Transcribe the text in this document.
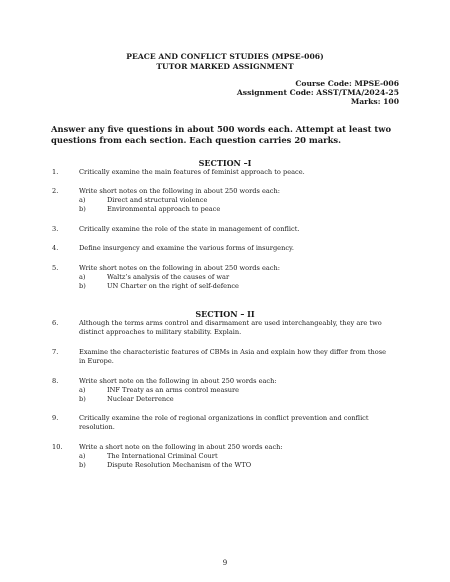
PEACE AND CONFLICT STUDIES (MPSE-006)
TUTOR MARKED ASSIGNMENT
Course Code: MPSE-006
Assignment Code: ASST/TMA/2024-25
Marks: 100
Answer any five questions in about 500 words each. Attempt at least two questions from each section. Each question carries 20 marks.
SECTION –I
1.	Critically examine the main features of feminist approach to peace.
2.	Write short notes on the following in about 250 words each:
a)	Direct and structural violence
b)	Environmental approach to peace
3.	Critically examine the role of the state in management of conflict.
4.	Define insurgency and examine the various forms of insurgency.
5.	Write short notes on the following in about 250 words each:
a)	Waltz’s analysis of the causes of war
b)	UN Charter on the right of self-defence
SECTION – II
6.	Although the terms arms control and disarmament are used interchangeably, they are two
distinct approaches to military stability. Explain.
7.	Examine the characteristic features of CBMs in Asia and explain how they differ from those
in Europe.
8.	Write short note on the following in about 250 words each:
a)	INF Treaty as an arms control measure
b)	Nuclear Deterrence
9.	Critically examine the role of regional organizations in conflict prevention and conflict
resolution.
10.	Write a short note on the following in about 250 words each:
a)	The International Criminal Court
b)	Dispute Resolution Mechanism of the WTO
9
